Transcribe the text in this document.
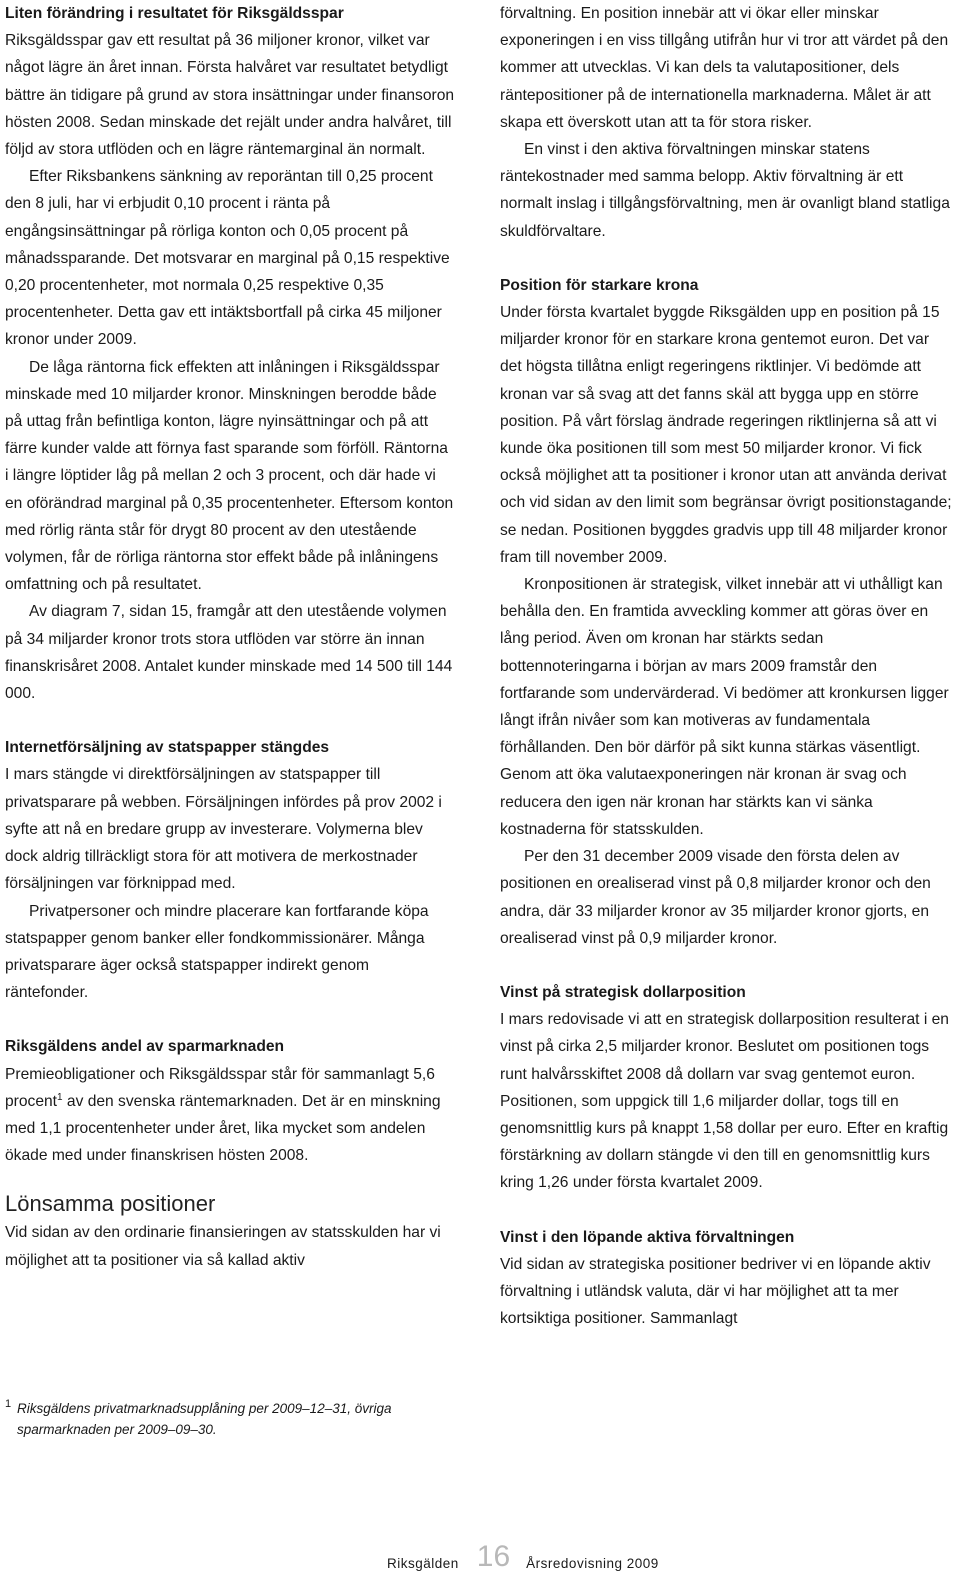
Liten förändring i resultatet för Riksgäldsspar

Riksgäldsspar gav ett resultat på 36 miljoner kronor, vilket var något lägre än året innan. Första halvåret var resultatet betydligt bättre än tidigare på grund av stora insättningar under finansoron hösten 2008. Sedan minskade det rejält under andra halvåret, till följd av stora utflöden och en lägre räntemarginal än normalt.

Efter Riksbankens sänkning av reporäntan till 0,25 procent den 8 juli, har vi erbjudit 0,10 procent i ränta på engångsinsättningar på rörliga konton och 0,05 procent på månadssparande. Det motsvarar en marginal på 0,15 respektive 0,20 procentenheter, mot normala 0,25 respektive 0,35 procentenheter. Detta gav ett intäktsbortfall på cirka 45 miljoner kronor under 2009.

De låga räntorna fick effekten att inlåningen i Riksgäldsspar minskade med 10 miljarder kronor. Minskningen berodde både på uttag från befintliga konton, lägre nyinsättningar och på att färre kunder valde att förnya fast sparande som förföll. Räntorna i längre löptider låg på mellan 2 och 3 procent, och där hade vi en oförändrad marginal på 0,35 procentenheter. Eftersom konton med rörlig ränta står för drygt 80 procent av den utestående volymen, får de rörliga räntorna stor effekt både på inlåningens omfattning och på resultatet.

Av diagram 7, sidan 15, framgår att den utestående volymen på 34 miljarder kronor trots stora utflöden var större än innan finanskrisåret 2008. Antalet kunder minskade med 14 500 till 144 000.

Internetförsäljning av statspapper stängdes

I mars stängde vi direktförsäljningen av statspapper till privatsparare på webben. Försäljningen infördes på prov 2002 i syfte att nå en bredare grupp av investerare. Volymerna blev dock aldrig tillräckligt stora för att motivera de merkostnader försäljningen var förknippad med.

Privatpersoner och mindre placerare kan fortfarande köpa statspapper genom banker eller fondkommissionärer. Många privatsparare äger också statspapper indirekt genom räntefonder.

Riksgäldens andel av sparmarknaden

Premieobligationer och Riksgäldsspar står för sammanlagt 5,6 procent$^1$ av den svenska räntemarknaden. Det är en minskning med 1,1 procentenheter under året, lika mycket som andelen ökade med under finanskrisen hösten 2008.

Lönsamma positioner

Vid sidan av den ordinarie finansieringen av statsskulden har vi möjlighet att ta positioner via så kallad aktiv

förvaltning. En position innebär att vi ökar eller minskar exponeringen i en viss tillgång utifrån hur vi tror att värdet på den kommer att utvecklas. Vi kan dels ta valutapositioner, dels räntepositioner på de internationella marknaderna. Målet är att skapa ett överskott utan att ta för stora risker.

En vinst i den aktiva förvaltningen minskar statens räntekostnader med samma belopp. Aktiv förvaltning är ett normalt inslag i tillgångsförvaltning, men är ovanligt bland statliga skuldförvaltare.

Position för starkare krona

Under första kvartalet byggde Riksgälden upp en position på 15 miljarder kronor för en starkare krona gentemot euron. Det var det högsta tillåtna enligt regeringens riktlinjer. Vi bedömde att kronan var så svag att det fanns skäl att bygga upp en större position. På vårt förslag ändrade regeringen riktlinjerna så att vi kunde öka positionen till som mest 50 miljarder kronor. Vi fick också möjlighet att ta positioner i kronor utan att använda derivat och vid sidan av den limit som begränsar övrigt positionstagande; se nedan. Positionen byggdes gradvis upp till 48 miljarder kronor fram till november 2009.

Kronpositionen är strategisk, vilket innebär att vi uthålligt kan behålla den. En framtida avveckling kommer att göras över en lång period. Även om kronan har stärkts sedan bottennoteringarna i början av mars 2009 framstår den fortfarande som undervärderad. Vi bedömer att kronkursen ligger långt ifrån nivåer som kan motiveras av fundamentala förhållanden. Den bör därför på sikt kunna stärkas väsentligt. Genom att öka valutaexponeringen när kronan är svag och reducera den igen när kronan har stärkts kan vi sänka kostnaderna för statsskulden.

Per den 31 december 2009 visade den första delen av positionen en orealiserad vinst på 0,8 miljarder kronor och den andra, där 33 miljarder kronor av 35 miljarder kronor gjorts, en orealiserad vinst på 0,9 miljarder kronor.

Vinst på strategisk dollarposition

I mars redovisade vi att en strategisk dollarposition resulterat i en vinst på cirka 2,5 miljarder kronor. Beslutet om positionen togs runt halvårsskiftet 2008 då dollarn var svag gentemot euron. Positionen, som uppgick till 1,6 miljarder dollar, togs till en genomsnittlig kurs på knappt 1,58 dollar per euro. Efter en kraftig förstärkning av dollarn stängde vi den till en genomsnittlig kurs kring 1,26 under första kvartalet 2009.

Vinst i den löpande aktiva förvaltningen

Vid sidan av strategiska positioner bedriver vi en löpande aktiv förvaltning i utländsk valuta, där vi har möjlighet att ta mer kortsiktiga positioner. Sammanlagt

1 Riksgäldens privatmarknadsupplåning per 2009–12–31, övriga sparmarknaden per 2009–09–30.
Riksgälden 16 Årsredovisning 2009
